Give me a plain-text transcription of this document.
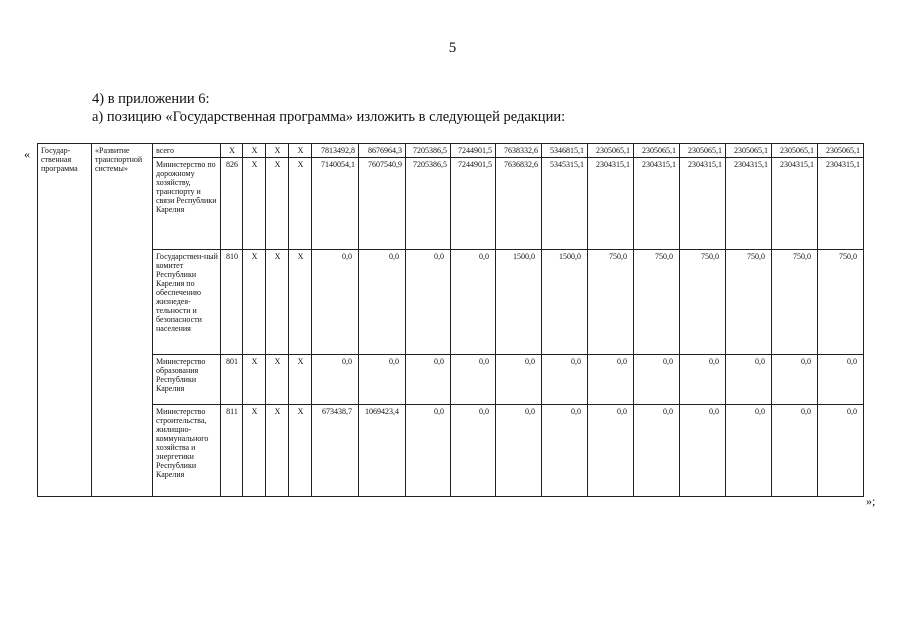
5
4) в приложении 6:
а) позицию «Государственная программа» изложить в следующей редакции:
« Государ-ственная программа	«Развитие транспортной системы»	всего	Х	Х	Х	Х	7813492,8	8676964,3	7205386,5	7244901,5	7638332,6	5346815,1	2305065,1	2305065,1	2305065,1	2305065,1	2305065,1	2305065,1
		Министерство по дорожному хозяйству, транспорту и связи Республики Карелия	826	Х	Х	Х	7140054,1	7607540,9	7205386,5	7244901,5	7636832,6	5345315,1	2304315,1	2304315,1	2304315,1	2304315,1	2304315,1	2304315,1
		Государствен-ный комитет Республики Карелия по обеспечению жизнедея-тельности и безопасности населения	810	Х	Х	Х	0,0	0,0	0,0	0,0	1500,0	1500,0	750,0	750,0	750,0	750,0	750,0	750,0
		Министерство образования Республики Карелия	801	Х	Х	Х	0,0	0,0	0,0	0,0	0,0	0,0	0,0	0,0	0,0	0,0	0,0	0,0
		Министерство строительства, жилищно-коммунального хозяйства и энергетики Республики Карелия	811	Х	Х	Х	673438,7	1069423,4	0,0	0,0	0,0	0,0	0,0	0,0	0,0	0,0	0,0	0,0
»;
